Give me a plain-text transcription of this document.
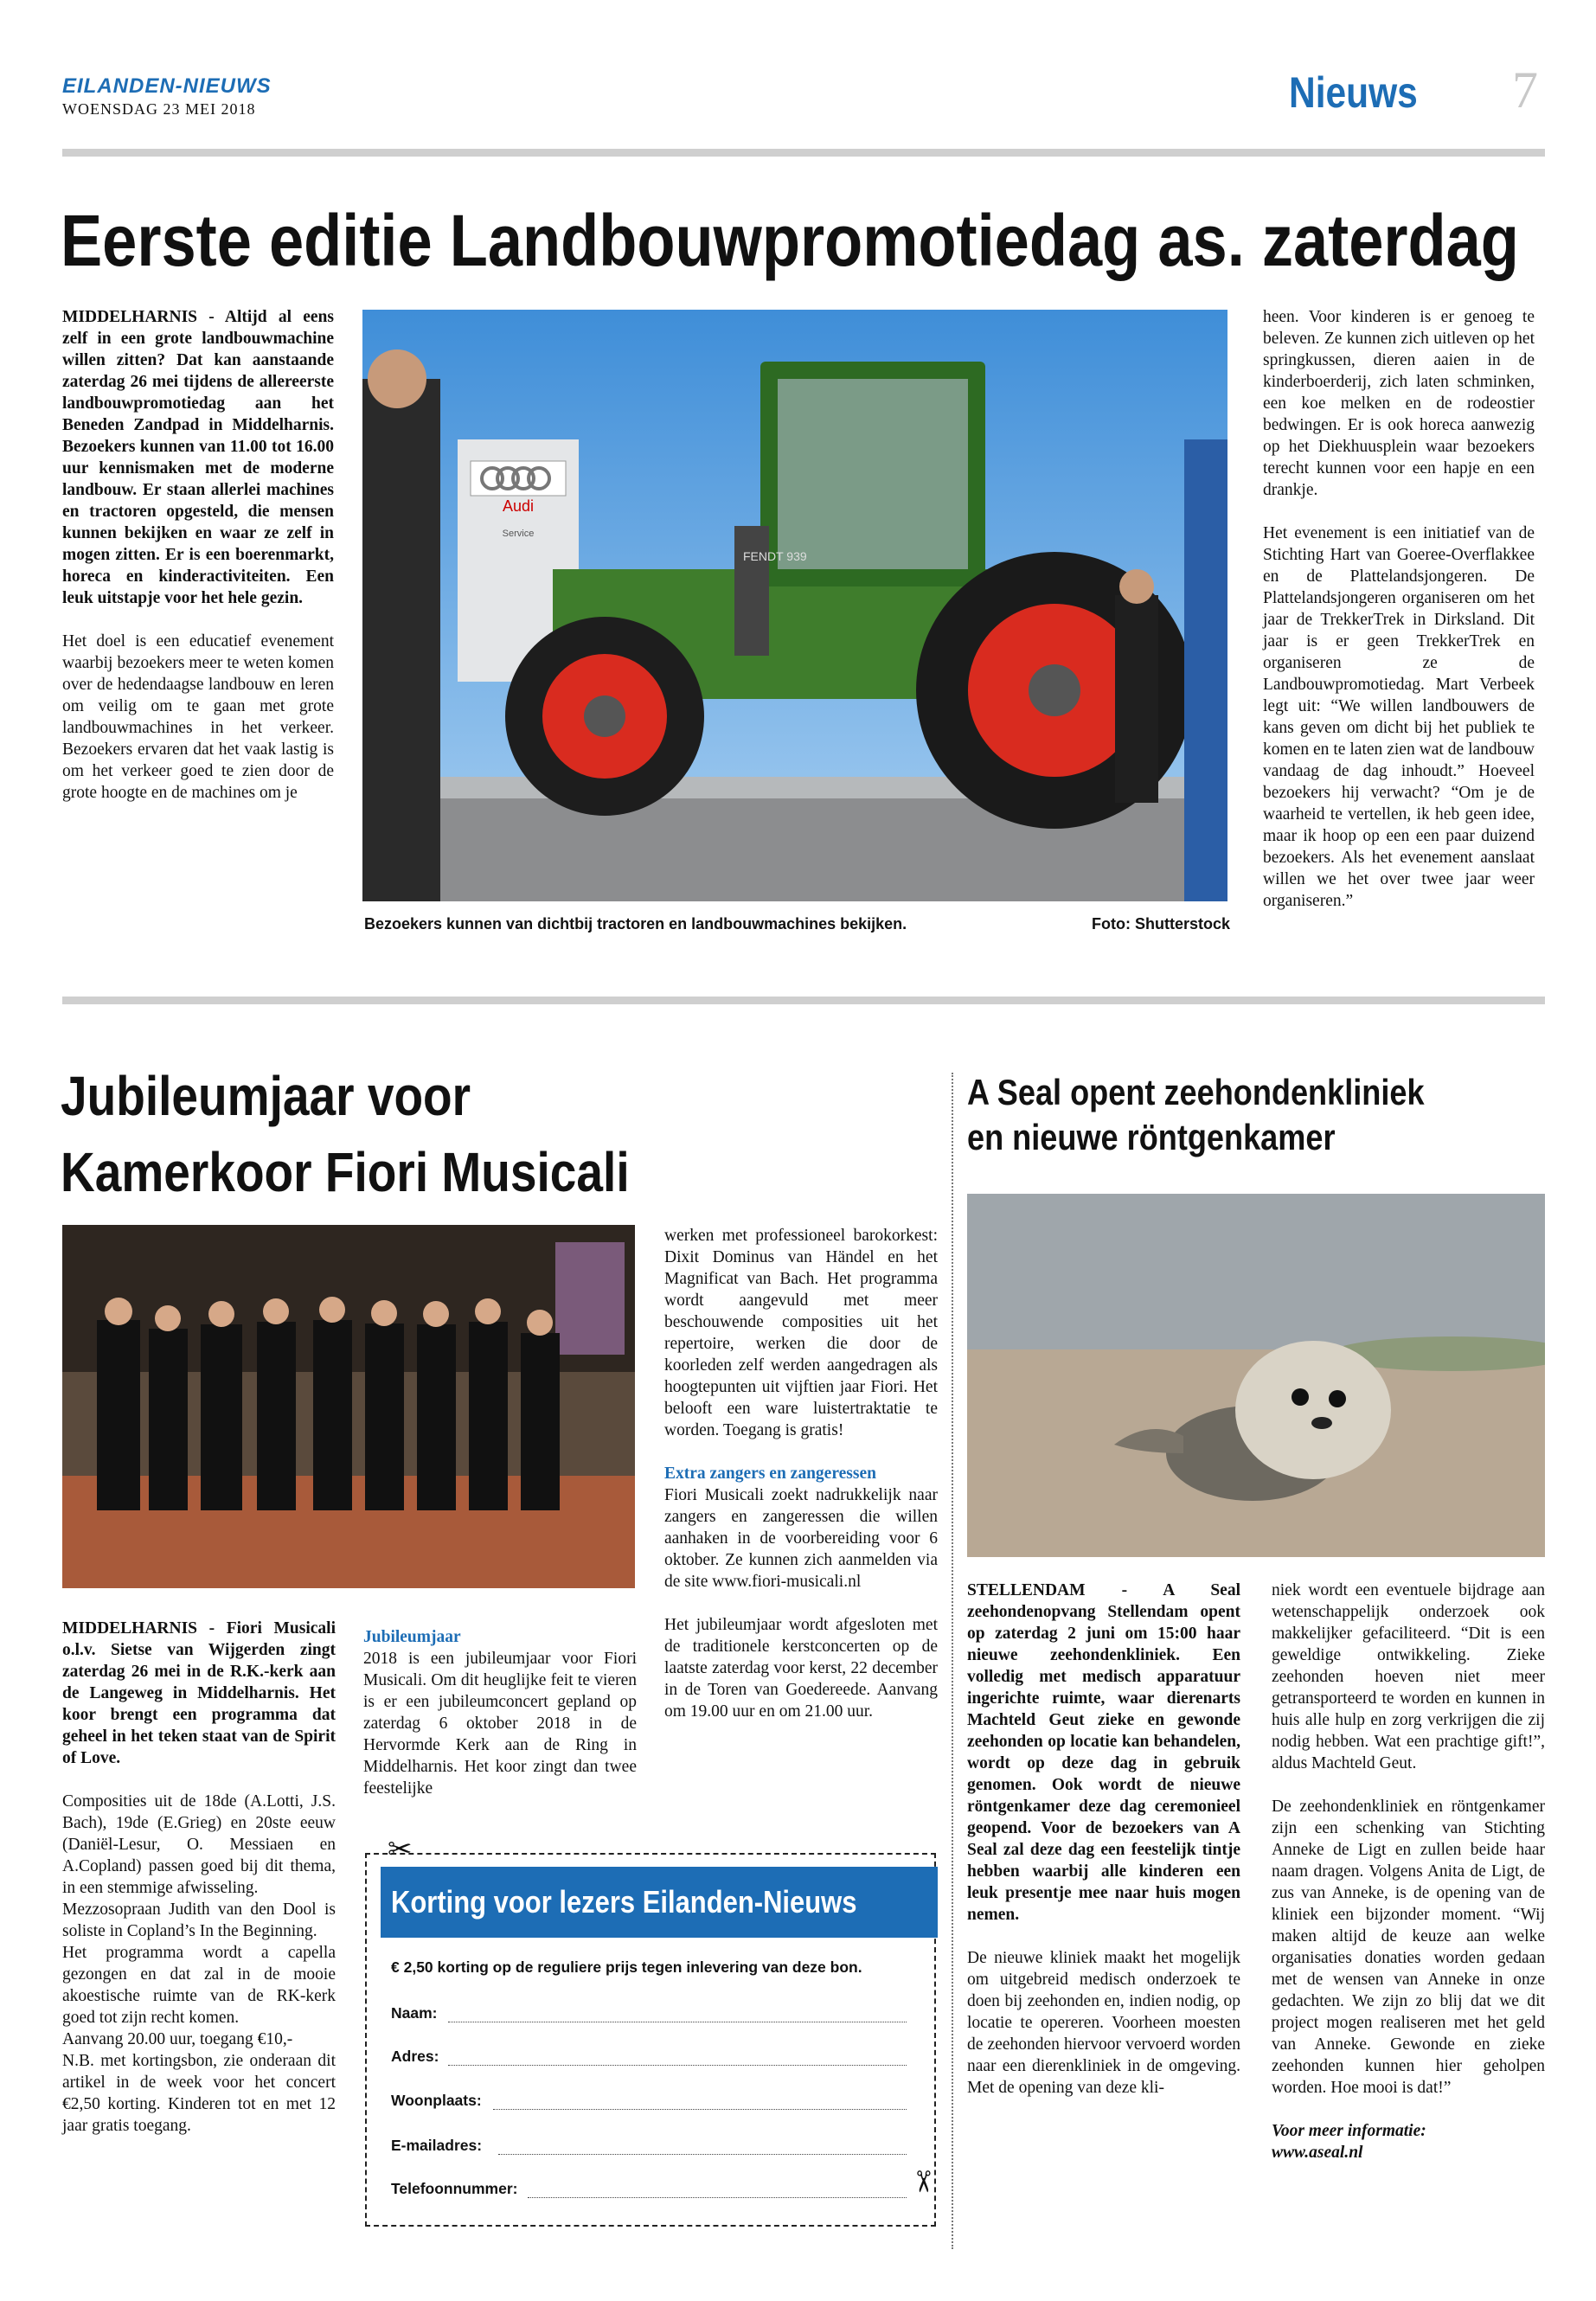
EILANDEN-NIEUWS
WOENSDAG 23 MEI 2018	Nieuws 7
Eerste editie Landbouwpromotiedag as. zaterdag

MIDDELHARNIS - Altijd al eens zelf in een grote landbouwmachine willen zitten? Dat kan aanstaande zaterdag 26 mei tijdens de allereerste landbouwpromotiedag aan het Beneden Zandpad in Middelharnis. Bezoekers kunnen van 11.00 tot 16.00 uur kennismaken met de moderne landbouw. Er staan allerlei machines en tractoren opgesteld, die mensen kunnen bekijken en waar ze zelf in mogen zitten. Er is een boerenmarkt, horeca en kinderactiviteiten. Een leuk uitstapje voor het hele gezin.

Het doel is een educatief evenement waarbij bezoekers meer te weten komen over de hedendaagse landbouw en leren om veilig om te gaan met grote landbouwmachines in het verkeer. Bezoekers ervaren dat het vaak lastig is om het verkeer goed te zien door de grote hoogte en de machines om je

Audi
Service
FENDT 939
Bezoekers kunnen van dichtbij tractoren en landbouwmachines bekijken.	Foto: Shutterstock

heen. Voor kinderen is er genoeg te beleven. Ze kunnen zich uitleven op het springkussen, dieren aaien in de kinderboerderij, zich laten schminken, een koe melken en de rodeostier bedwingen. Er is ook horeca aanwezig op het Diekhuusplein waar bezoekers terecht kunnen voor een hapje en een drankje.

Het evenement is een initiatief van de Stichting Hart van Goeree-Overflakkee en de Plattelandsjongeren. De Plattelandsjongeren organiseren om het jaar de TrekkerTrek in Dirksland. Dit jaar is er geen TrekkerTrek en organiseren ze de Landbouwpromotiedag. Mart Verbeek legt uit: “We willen landbouwers de kans geven om dicht bij het publiek te komen en te laten zien wat de landbouw vandaag de dag inhoudt.” Hoeveel bezoekers hij verwacht? “Om je de waarheid te vertellen, ik heb geen idee, maar ik hoop op een een paar duizend bezoekers. Als het evenement aanslaat willen we het over twee jaar weer organiseren.”

Jubileumjaar voor
Kamerkoor Fiori Musicali

MIDDELHARNIS - Fiori Musicali o.l.v. Sietse van Wijgerden zingt zaterdag 26 mei in de R.K.-kerk aan de Langeweg in Middelharnis. Het koor brengt een programma dat geheel in het teken staat van de Spirit of Love.

Composities uit de 18de (A.Lotti, J.S. Bach), 19de (E.Grieg) en 20ste eeuw (Daniël-Lesur, O. Messiaen en A.Copland) passen goed bij dit thema, in een stemmige afwisseling.
Mezzosopraan Judith van den Dool is soliste in Copland’s In the Beginning.
Het programma wordt a capella gezongen en dat zal in de mooie akoestische ruimte van de RK-kerk goed tot zijn recht komen.
Aanvang 20.00 uur, toegang €10,-
N.B. met kortingsbon, zie onderaan dit artikel in de week voor het concert €2,50 korting. Kinderen tot en met 12 jaar gratis toegang.
Jubileumjaar
2018 is een jubileumjaar voor Fiori Musicali. Om dit heuglijke feit te vieren is er een jubileumconcert gepland op zaterdag 6 oktober 2018 in de Hervormde Kerk aan de Ring in Middelharnis. Het koor zingt dan twee feestelijke

werken met professioneel barokorkest: Dixit Dominus van Händel en het Magnificat van Bach. Het programma wordt aangevuld met meer beschouwende composities uit het repertoire, werken die door de koorleden zelf werden aangedragen als hoogtepunten uit vijftien jaar Fiori. Het belooft een ware luistertraktatie te worden. Toegang is gratis!

Extra zangers en zangeressen

Fiori Musicali zoekt nadrukkelijk naar zangers en zangeressen die willen aanhaken in de voorbereiding voor 6 oktober. Ze kunnen zich aanmelden via de site www.fiori-musicali.nl

Het jubileumjaar wordt afgesloten met de traditionele kerstconcerten op de laatste zaterdag voor kerst, 22 december in de Toren van Goedereede. Aanvang om 19.00 uur en om 21.00 uur.

✂
✂
Korting voor lezers Eilanden-Nieuws
€ 2,50 korting op de reguliere prijs tegen inlevering van deze bon.
Naam:
Adres:
Woonplaats:
E-mailadres:
Telefoonnummer:
A Seal opent zeehondenkliniek
en nieuwe röntgenkamer

STELLENDAM - A Seal zeehondenopvang Stellendam opent op zaterdag 2 juni om 15:00 haar nieuwe zeehondenkliniek. Een volledig met medisch apparatuur ingerichte ruimte, waar dierenarts Machteld Geut zieke en gewonde zeehonden op locatie kan behandelen, wordt op deze dag in gebruik genomen. Ook wordt de nieuwe röntgenkamer deze dag ceremonieel geopend. Voor de bezoekers van A Seal zal deze dag een feestelijk tintje hebben waarbij alle kinderen een leuk presentje mee naar huis mogen nemen.

De nieuwe kliniek maakt het mogelijk om uitgebreid medisch onderzoek te doen bij zeehonden en, indien nodig, op locatie te opereren. Voorheen moesten de zeehonden hiervoor vervoerd worden naar een dierenkliniek in de omgeving. Met de opening van deze kli-

niek wordt een eventuele bijdrage aan wetenschappelijk onderzoek ook makkelijker gefaciliteerd. “Dit is een geweldige ontwikkeling. Zieke zeehonden hoeven niet meer getransporteerd te worden en kunnen in huis alle hulp en zorg verkrijgen die zij nodig hebben. Wat een prachtige gift!”, aldus Machteld Geut.

De zeehondenkliniek en röntgenkamer zijn een schenking van Stichting Anneke de Ligt en zullen beide haar naam dragen. Volgens Anita de Ligt, de zus van Anneke, is de opening van de kliniek een bijzonder moment. “Wij maken altijd de keuze aan welke organisaties donaties worden gedaan met de wensen van Anneke in onze gedachten. We zijn zo blij dat we dit project mogen realiseren met het geld van Anneke. Gewonde en zieke zeehonden kunnen hier geholpen worden. Hoe mooi is dat!”

Voor meer informatie:
www.aseal.nl
